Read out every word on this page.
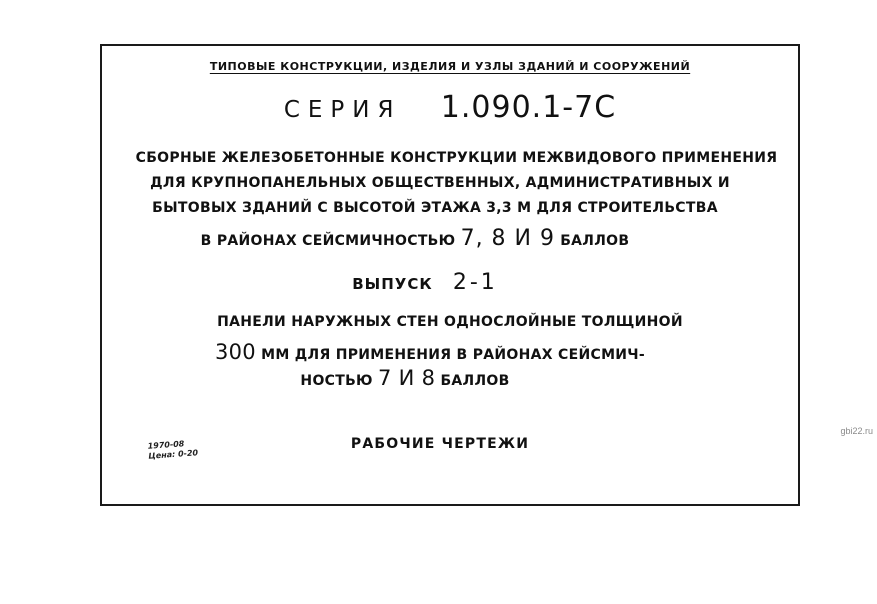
ТИПОВЫЕ КОНСТРУКЦИИ, ИЗДЕЛИЯ И УЗЛЫ ЗДАНИЙ И СООРУЖЕНИЙ
СЕРИЯ 1.090.1-7С
СБОРНЫЕ ЖЕЛЕЗОБЕТОННЫЕ КОНСТРУКЦИИ МЕЖВИДОВОГО ПРИМЕНЕНИЯ
ДЛЯ КРУПНОПАНЕЛЬНЫХ ОБЩЕСТВЕННЫХ, АДМИНИСТРАТИВНЫХ И
БЫТОВЫХ ЗДАНИЙ С ВЫСОТОЙ ЭТАЖА 3,3 М ДЛЯ СТРОИТЕЛЬСТВА
В РАЙОНАХ СЕЙСМИЧНОСТЬЮ 7, 8 И 9 БАЛЛОВ
ВЫПУСК 2-1
ПАНЕЛИ НАРУЖНЫХ СТЕН ОДНОСЛОЙНЫЕ ТОЛЩИНОЙ
300 ММ ДЛЯ ПРИМЕНЕНИЯ В РАЙОНАХ СЕЙСМИЧ-
НОСТЬЮ 7 И 8 БАЛЛОВ
РАБОЧИЕ ЧЕРТЕЖИ
1970-08
Цена: 0-20
gbi22.ru
